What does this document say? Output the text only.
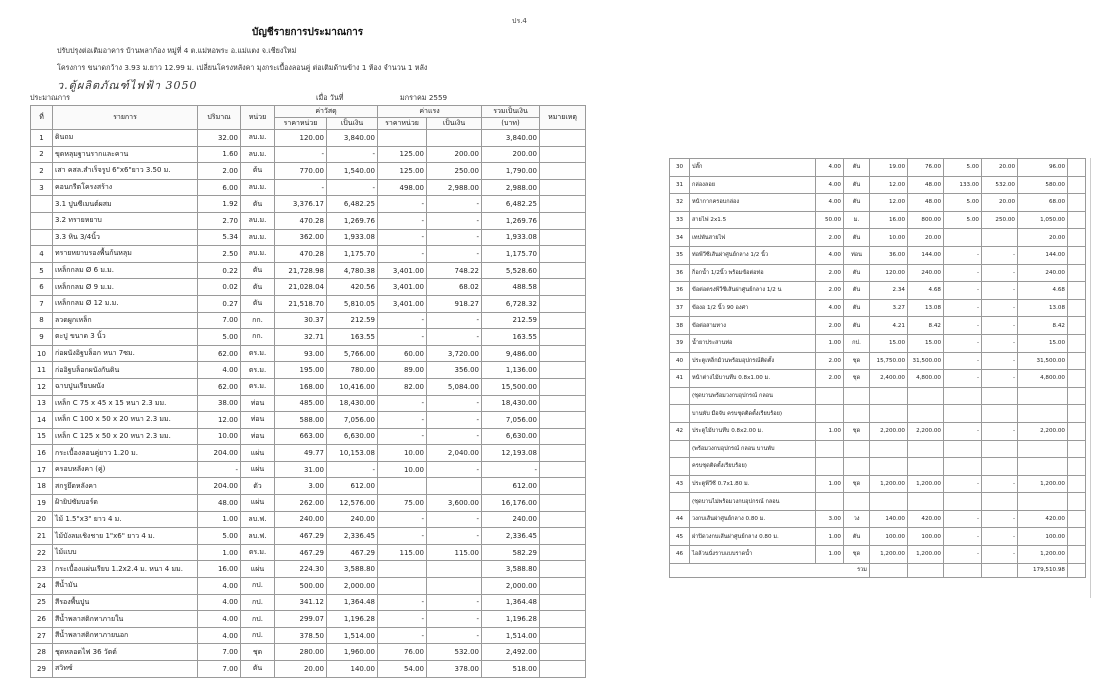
ปร.4
บัญชีรายการประมาณการ
ปรับปรุงต่อเติมอาคาร บ้านพลาก้อง หมู่ที่ 4 ต.แม่หอพระ อ.แม่แตง จ.เชียงใหม่
โครงการ ขนาดกว้าง 3.93 ม.ยาว 12.99 ม. เปลี่ยนโครงหลังคา มุงกระเบื้องลอนคู่ ต่อเติมด้านข้าง 1 ห้อง จำนวน 1 หลัง
ว.ตู้ผลิตภัณฑ์ไฟฟ้า 3050
ประมาณการ	เมื่อ วันที่	มกราคม 2559
ที่	รายการ	ปริมาณ	หน่วย	ค่าวัสดุ		ค่าแรง		รวมเป็นเงิน	หมายเหตุ
				ราคาหน่วย	เป็นเงิน	ราคาหน่วย	เป็นเงิน	(บาท)	
1	ดินถม	32.00	ลบ.ม.	120.00	3,840.00			3,840.00	
2	ขุดหลุมฐานรากและคาน	1.60	ลบ.ม.	-	-	125.00	200.00	200.00	
2	เสา คสล.สำเร็จรูป 6"x6"ยาว 3.50 ม.	2.00	ต้น	770.00	1,540.00	125.00	250.00	1,790.00	
3	คอนกรีตโครงสร้าง	6.00	ลบ.ม.	-	-	498.00	2,988.00	2,988.00	
	3.1 ปูนซีเมนต์ผสม	1.92	ตัน	3,376.17	6,482.25	-	-	6,482.25	
	3.2 ทรายหยาบ	2.70	ลบ.ม.	470.28	1,269.76	-	-	1,269.76	
	3.3 หิน 3/4นิ้ว	5.34	ลบ.ม.	362.00	1,933.08	-	-	1,933.08	
4	ทรายหยาบรองพื้นก้นหลุม	2.50	ลบ.ม.	470.28	1,175.70	-	-	1,175.70	
5	เหล็กกลม Ø 6 ม.ม.	0.22	ตัน	21,728.98	4,780.38	3,401.00	748.22	5,528.60	
6	เหล็กกลม Ø 9 ม.ม.	0.02	ตัน	21,028.04	420.56	3,401.00	68.02	488.58	
7	เหล็กกลม Ø 12 ม.ม.	0.27	ตัน	21,518.70	5,810.05	3,401.00	918.27	6,728.32	
8	ลวดผูกเหล็ก	7.00	กก.	30.37	212.59	-	-	212.59	
9	ตะปู ขนาด 3 นิ้ว	5.00	กก.	32.71	163.55	-	-	163.55	
10	ก่อผนังอิฐบล็อก หนา 7ซม.	62.00	ตร.ม.	93.00	5,766.00	60.00	3,720.00	9,486.00	
11	ก่ออิฐบล็อกผนังกันดิน	4.00	ตร.ม.	195.00	780.00	89.00	356.00	1,136.00	
12	ฉาบปูนเรียบผนัง	62.00	ตร.ม.	168.00	10,416.00	82.00	5,084.00	15,500.00	
13	เหล็ก C 75 x 45 x 15 หนา 2.3 มม.	38.00	ท่อน	485.00	18,430.00	-	-	18,430.00	
14	เหล็ก C 100 x 50 x 20 หนา 2.3 มม.	12.00	ท่อน	588.00	7,056.00	-	-	7,056.00	
15	เหล็ก C 125 x 50 x 20 หนา 2.3 มม.	10.00	ท่อน	663.00	6,630.00	-	-	6,630.00	
16	กระเบื้องลอนคู่ยาว 1.20 ม.	204.00	แผ่น	49.77	10,153.08	10.00	2,040.00	12,193.08	
17	ครอบหลังคา (คู่)	-	แผ่น	31.00	-	10.00	-	-	
18	สกรูยึดหลังคา	204.00	ตัว	3.00	612.00			612.00	
19	ฝ้ายิปซัมบอร์ด	48.00	แผ่น	262.00	12,576.00	75.00	3,600.00	16,176.00	
20	ไม้ 1.5"x3" ยาว 4 ม.	1.00	ลบ.ฟ.	240.00	240.00	-	-	240.00	
21	ไม้บังลมเชิงชาย 1"x6" ยาว 4 ม.	5.00	ลบ.ฟ.	467.29	2,336.45	-	-	2,336.45	
22	ไม้แบบ	1.00	ตร.ม.	467.29	467.29	115.00	115.00	582.29	
23	กระเบื้องแผ่นเรียบ 1.2x2.4 ม. หนา 4 มม.	16.00	แผ่น	224.30	3,588.80			3,588.80	
24	สีน้ำมัน	4.00	กป.	500.00	2,000.00			2,000.00	
25	สีรองพื้นปูน	4.00	กป.	341.12	1,364.48	-	-	1,364.48	
26	สีน้ำพลาสติกทาภายใน	4.00	กป.	299.07	1,196.28	-	-	1,196.28	
27	สีน้ำพลาสติกทาภายนอก	4.00	กป.	378.50	1,514.00	-	-	1,514.00	
28	ชุดหลอดไฟ 36 วัตต์	7.00	ชุด	280.00	1,960.00	76.00	532.00	2,492.00	
29	สวิทซ์	7.00	ตัน	20.00	140.00	54.00	378.00	518.00	
30	ปลั๊ก	4.00	ตัน	19.00	76.00	5.00	20.00	96.00	
31	กล่องลอย	4.00	ตัน	12.00	48.00	133.00	532.00	580.00	
32	หน้ากากครอบกล่อง	4.00	ตัน	12.00	48.00	5.00	20.00	68.00	
33	สายไฟ 2x1.5	50.00	ม.	16.00	800.00	5.00	250.00	1,050.00	
34	เทปพันสายไฟ	2.00	ตัน	10.00	20.00			20.00	
35	ท่อพีวีซีเส้นผ่าศูนย์กลาง 1/2 นิ้ว	4.00	ท่อน	36.00	144.00	-	-	144.00	
36	ก็อกน้ำ 1/2นิ้ว พร้อมข้อต่อท่อ	2.00	ตัน	120.00	240.00	-	-	240.00	
36	ข้อต่อตรงพีวีซีเส้นผ่าศูนย์กลาง 1/2 น	2.00	ตัน	2.34	4.68	-	-	4.68	
37	ข้องอ 1/2 นิ้ว 90 องศา	4.00	ตัน	3.27	13.08	-	-	13.08	
38	ข้อต่อสามทาง	2.00	ตัน	4.21	8.42	-	-	8.42	
39	น้ำยาประสานท่อ	1.00	กป.	15.00	15.00	-	-	15.00	
40	ประตูเหล็กม้วนพร้อมอุปกรณ์ติดตั้ง	2.00	ชุด	15,750.00	31,500.00	-	-	31,500.00	
41	หน้าต่างไม้บานทึบ 0.8x1.00 ม.	2.00	ชุด	2,400.00	4,800.00	-	-	4,800.00	
	(ชุดบานพร้อมวงกบอุปกรณ์ กลอน								
	บานพับ มือจับ ครบชุดติดตั้งเรียบร้อย)								
42	ประตูไม้บานทึบ 0.8x2.00 ม.	1.00	ชุด	2,200.00	2,200.00	-	-	2,200.00	
	(พร้อมวงกบอุปกรณ์ กลอน บานพับ								
	ครบชุดติดตั้งเรียบร้อย)								
43	ประตูพีวีซี 0.7x1.80 ม.	1.00	ชุด	1,200.00	1,200.00	-	-	1,200.00	
	(ชุดบานไม่พร้อมวงกบอุปกรณ์ กลอน								
44	วงกบเส้นผ่าศูนย์กลาง 0.80 ม.	3.00	วง	140.00	420.00	-	-	420.00	
45	ฝาปิดวงกบเส้นผ่าศูนย์กลาง 0.80 ม.	1.00	ตัน	100.00	100.00	-	-	100.00	
46	ไอล้วนนั่งราบแบบราดน้ำ	1.00	ชุด	1,200.00	1,200.00	-	-	1,200.00	
รวม								179,510.98	
